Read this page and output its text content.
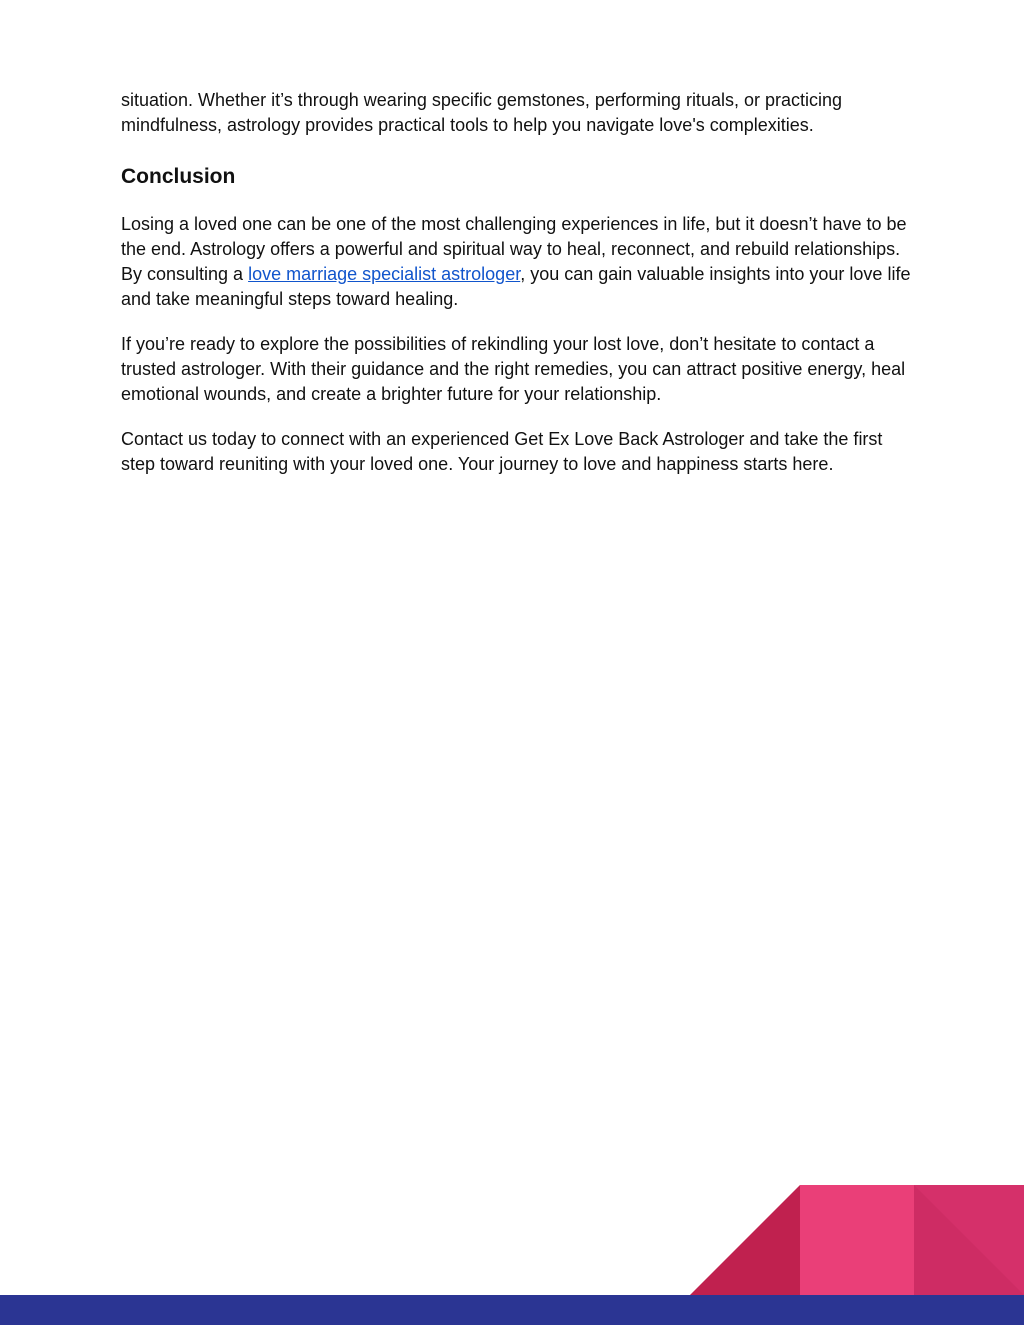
situation. Whether it’s through wearing specific gemstones, performing rituals, or practicing mindfulness, astrology provides practical tools to help you navigate love's complexities.

Conclusion

Losing a loved one can be one of the most challenging experiences in life, but it doesn’t have to be the end. Astrology offers a powerful and spiritual way to heal, reconnect, and rebuild relationships. By consulting a love marriage specialist astrologer, you can gain valuable insights into your love life and take meaningful steps toward healing.

If you’re ready to explore the possibilities of rekindling your lost love, don’t hesitate to contact a trusted astrologer. With their guidance and the right remedies, you can attract positive energy, heal emotional wounds, and create a brighter future for your relationship.

Contact us today to connect with an experienced Get Ex Love Back Astrologer and take the first step toward reuniting with your loved one. Your journey to love and happiness starts here.
